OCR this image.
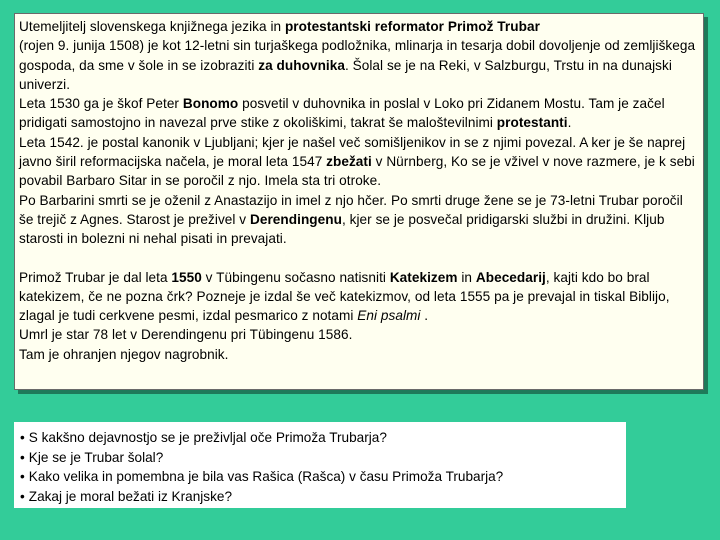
Utemeljitelj slovenskega knjižnega jezika in protestantski reformator Primož Trubar
(rojen 9. junija 1508) je kot 12-letni sin turjaškega podložnika, mlinarja in tesarja dobil dovoljenje od zemljiškega gospoda, da sme v šole in se izobraziti za duhovnika. Šolal se je na Reki, v Salzburgu, Trstu in na dunajski univerzi.
Leta 1530 ga je škof Peter Bonomo posvetil v duhovnika in poslal v Loko pri Zidanem Mostu. Tam je začel pridigati samostojno in navezal prve stike z okoliškimi, takrat še maloštevilnimi protestanti.
Leta 1542. je postal kanonik v Ljubljani; kjer je našel več somišljenikov in se z njimi povezal. A ker je še naprej javno širil reformacijska načela, je moral leta 1547 zbežati v Nürnberg, Ko se je vživel v nove razmere, je k sebi povabil Barbaro Sitar in se poročil z njo. Imela sta tri otroke.
Po Barbarini smrti se je oženil z Anastazijo in imel z njo hčer. Po smrti druge žene se je 73-letni Trubar poročil še trejič z Agnes. Starost je preživel v Derendingenu, kjer se je posvečal pridigarski službi in družini. Kljub starosti in bolezni ni nehal pisati in prevajati.

Primož Trubar je dal leta 1550 v Tübingenu sočasno natisniti Katekizem in Abecedarij, kajti kdo bo bral katekizem, če ne pozna črk? Pozneje je izdal še več katekizmov, od leta 1555 pa je prevajal in tiskal Biblijo, zlagal je tudi cerkvene pesmi, izdal pesmarico z notami Eni psalmi .
Umrl je star 78 let v Derendingenu pri Tübingenu 1586.
Tam je ohranjen njegov nagrobnik.

• S kakšno dejavnostjo se je preživljal oče Primoža Trubarja?
• Kje se je Trubar šolal?
• Kako velika in pomembna je bila vas Rašica (Rašca) v času Primoža Trubarja?
• Zakaj je moral bežati iz Kranjske?
